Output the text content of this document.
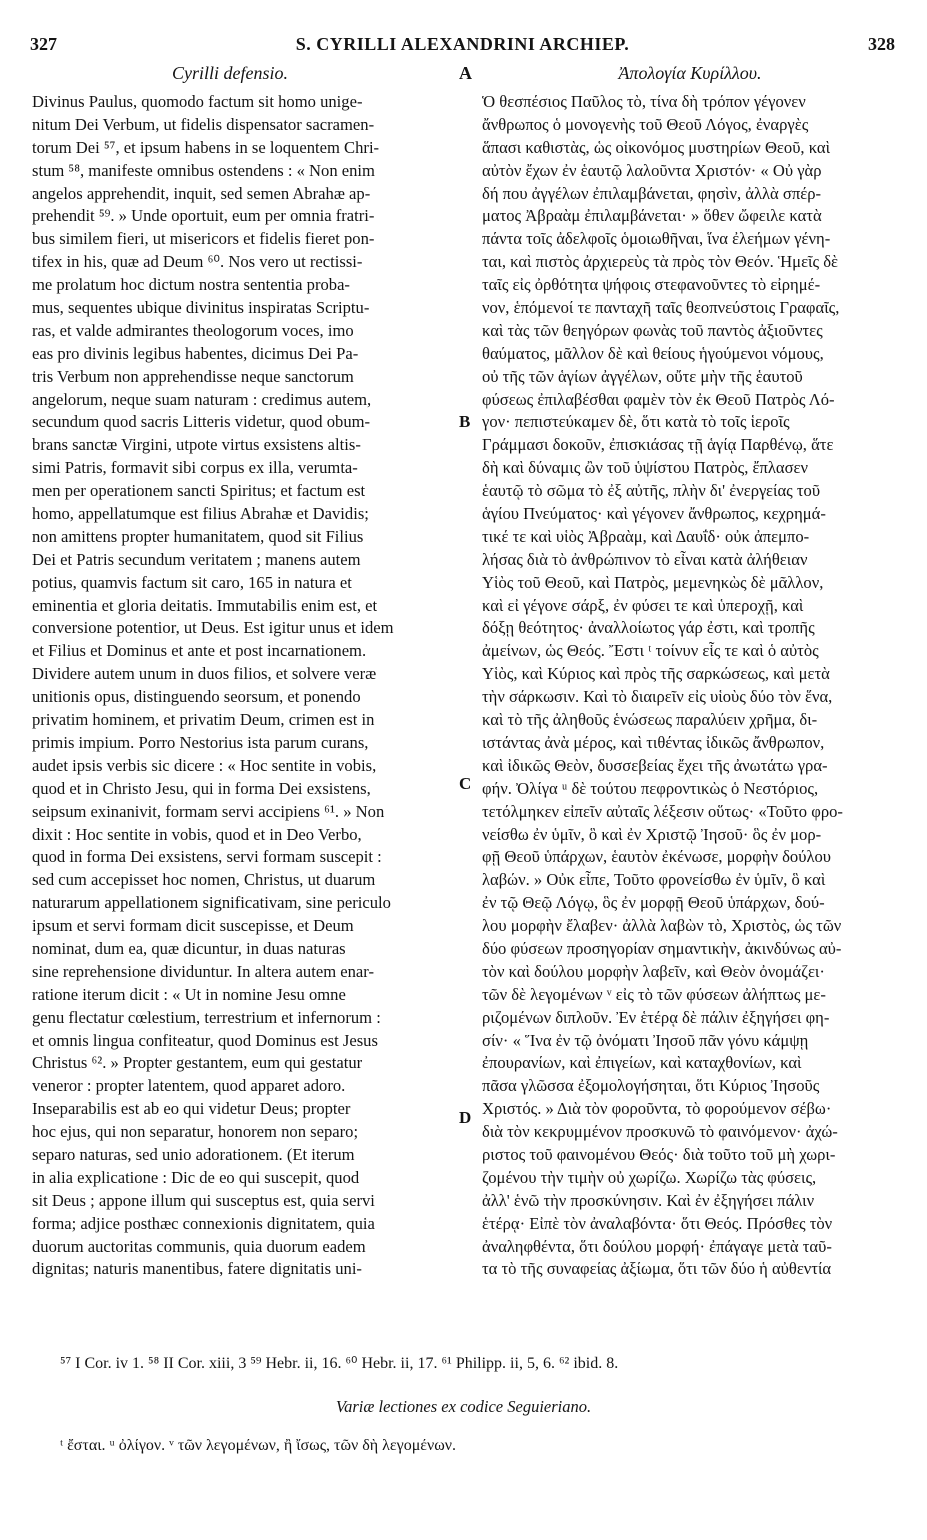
327	S. CYRILLI ALEXANDRINI ARCHIEP.	328
Cyrilli defensio.	A	Ἀπολογία Κυρίλλου.
Divinus Paulus, quomodo factum sit homo unige-
nitum Dei Verbum, ut fidelis dispensator sacramen-
torum Dei ⁵⁷, et ipsum habens in se loquentem Chri-
stum ⁵⁸, manifeste omnibus ostendens : « Non enim
angelos apprehendit, inquit, sed semen Abrahæ ap-
prehendit ⁵⁹. » Unde oportuit, eum per omnia fratri-
bus similem fieri, ut misericors et fidelis fieret pon-
tifex in his, quæ ad Deum ⁶⁰. Nos vero ut rectissi-
me prolatum hoc dictum nostra sententia proba-
mus, sequentes ubique divinitus inspiratas Scriptu-
ras, et valde admirantes theologorum voces, imo
eas pro divinis legibus habentes, dicimus Dei Pa-
tris Verbum non apprehendisse neque sanctorum
angelorum, neque suam naturam : credimus autem,
secundum quod sacris Litteris videtur, quod obum-
brans sanctæ Virgini, utpote virtus exsistens altis-
simi Patris, formavit sibi corpus ex illa, verumta-
men per operationem sancti Spiritus; et factum est
homo, appellatumque est filius Abrahæ et Davidis;
non amittens propter humanitatem, quod sit Filius
Dei et Patris secundum veritatem ; manens autem
potius, quamvis factum sit caro, 165 in natura et
eminentia et gloria deitatis. Immutabilis enim est, et
conversione potentior, ut Deus. Est igitur unus et idem
et Filius et Dominus et ante et post incarnationem.
Dividere autem unum in duos filios, et solvere veræ
unitionis opus, distinguendo seorsum, et ponendo
privatim hominem, et privatim Deum, crimen est in
primis impium. Porro Nestorius ista parum curans,
audet ipsis verbis sic dicere : « Hoc sentite in vobis,
quod et in Christo Jesu, qui in forma Dei exsistens,
seipsum exinanivit, formam servi accipiens ⁶¹. » Non
dixit : Hoc sentite in vobis, quod et in Deo Verbo,
quod in forma Dei exsistens, servi formam suscepit :
sed cum accepisset hoc nomen, Christus, ut duarum
naturarum appellationem significativam, sine periculo
ipsum et servi formam dicit suscepisse, et Deum
nominat, dum ea, quæ dicuntur, in duas naturas
sine reprehensione dividuntur. In altera autem enar-
ratione iterum dicit : « Ut in nomine Jesu omne
genu flectatur cœlestium, terrestrium et infernorum :
et omnis lingua confiteatur, quod Dominus est Jesus
Christus ⁶². » Propter gestantem, eum qui gestatur
veneror : propter latentem, quod apparet adoro.
Inseparabilis est ab eo qui videtur Deus; propter
hoc ejus, qui non separatur, honorem non separo;
separo naturas, sed unio adorationem. (Et iterum
in alia explicatione : Dic de eo qui suscepit, quod
sit Deus ; appone illum qui susceptus est, quia servi
forma; adjice posthæc connexionis dignitatem, quia
duorum auctoritas communis, quia duorum eadem
dignitas; naturis manentibus, fatere dignitatis uni-
Ὁ θεσπέσιος Παῦλος τὸ, τίνα δὴ τρόπον γέγονεν
ἄνθρωπος ὁ μονογενὴς τοῦ Θεοῦ Λόγος, ἐναργὲς
ἅπασι καθιστὰς, ὡς οἰκονόμος μυστηρίων Θεοῦ, καὶ
αὐτὸν ἔχων ἐν ἑαυτῷ λαλοῦντα Χριστόν· « Οὐ γὰρ
δή που ἀγγέλων ἐπιλαμβάνεται, φησὶν, ἀλλὰ σπέρ-
ματος Ἀβραὰμ ἐπιλαμβάνεται· » ὅθεν ὤφειλε κατὰ
πάντα τοῖς ἀδελφοῖς ὁμοιωθῆναι, ἵνα ἐλεήμων γένη-
ται, καὶ πιστὸς ἀρχιερεὺς τὰ πρὸς τὸν Θεόν. Ἡμεῖς δὲ
ταῖς εἰς ὀρθότητα ψήφοις στεφανοῦντες τὸ εἰρημέ-
νον, ἑπόμενοί τε πανταχῆ ταῖς θεοπνεύστοις Γραφαῖς,
καὶ τὰς τῶν θεηγόρων φωνὰς τοῦ παντὸς ἀξιοῦντες
θαύματος, μᾶλλον δὲ καὶ θείους ἡγούμενοι νόμους,
οὐ τῆς τῶν ἁγίων ἀγγέλων, οὔτε μὴν τῆς ἑαυτοῦ
φύσεως ἐπιλαβέσθαι φαμὲν τὸν ἐκ Θεοῦ Πατρὸς Λό-
γον· πεπιστεύκαμεν δὲ, ὅτι κατὰ τὸ τοῖς ἱεροῖς
Γράμμασι δοκοῦν, ἐπισκιάσας τῇ ἁγίᾳ Παρθένῳ, ἅτε
δὴ καὶ δύναμις ὢν τοῦ ὑψίστου Πατρὸς, ἔπλασεν
ἑαυτῷ τὸ σῶμα τὸ ἐξ αὐτῆς, πλὴν δι' ἐνεργείας τοῦ
ἁγίου Πνεύματος· καὶ γέγονεν ἄνθρωπος, κεχρημά-
τικέ τε καὶ υἱὸς Ἀβραὰμ, καὶ Δαυΐδ· οὐκ ἀπεμπο-
λήσας διὰ τὸ ἀνθρώπινον τὸ εἶναι κατὰ ἀλήθειαν
Υἱὸς τοῦ Θεοῦ, καὶ Πατρὸς, μεμενηκὼς δὲ μᾶλλον,
καὶ εἰ γέγονε σάρξ, ἐν φύσει τε καὶ ὑπεροχῇ, καὶ
δόξῃ θεότητος· ἀναλλοίωτος γάρ ἐστι, καὶ τροπῆς
ἀμείνων, ὡς Θεός. Ἔστι ᵗ τοίνυν εἷς τε καὶ ὁ αὐτὸς
Υἱὸς, καὶ Κύριος καὶ πρὸς τῆς σαρκώσεως, καὶ μετὰ
τὴν σάρκωσιν. Καὶ τὸ διαιρεῖν εἰς υἱοὺς δύο τὸν ἕνα,
καὶ τὸ τῆς ἀληθοῦς ἑνώσεως παραλύειν χρῆμα, δι-
ιστάντας ἀνὰ μέρος, καὶ τιθέντας ἰδικῶς ἄνθρωπον,
καὶ ἰδικῶς Θεὸν, δυσσεβείας ἔχει τῆς ἀνωτάτω γρα-
φήν. Ὀλίγα ᵘ δὲ τούτου πεφροντικὼς ὁ Νεστόριος,
τετόλμηκεν εἰπεῖν αὐταῖς λέξεσιν οὕτως· «Τοῦτο φρο-
νείσθω ἐν ὑμῖν, ὃ καὶ ἐν Χριστῷ Ἰησοῦ· ὃς ἐν μορ-
φῇ Θεοῦ ὑπάρχων, ἑαυτὸν ἐκένωσε, μορφὴν δούλου
λαβών. » Οὐκ εἶπε, Τοῦτο φρονείσθω ἐν ὑμῖν, ὃ καὶ
ἐν τῷ Θεῷ Λόγῳ, ὃς ἐν μορφῇ Θεοῦ ὑπάρχων, δού-
λου μορφὴν ἔλαβεν· ἀλλὰ λαβὼν τὸ, Χριστὸς, ὡς τῶν
δύο φύσεων προσηγορίαν σημαντικὴν, ἀκινδύνως αὐ-
τὸν καὶ δούλου μορφὴν λαβεῖν, καὶ Θεὸν ὀνομάζει·
τῶν δὲ λεγομένων ᵛ εἰς τὸ τῶν φύσεων ἀλήπτως με-
ριζομένων διπλοῦν. Ἐν ἑτέρᾳ δὲ πάλιν ἐξηγήσει φη-
σίν· « Ἵνα ἐν τῷ ὀνόματι Ἰησοῦ πᾶν γόνυ κάμψῃ
ἐπουρανίων, καὶ ἐπιγείων, καὶ καταχθονίων, καὶ
πᾶσα γλῶσσα ἐξομολογήσηται, ὅτι Κύριος Ἰησοῦς
Χριστός. » Διὰ τὸν φοροῦντα, τὸ φορούμενον σέβω·
διὰ τὸν κεκρυμμένον προσκυνῶ τὸ φαινόμενον· ἀχώ-
ριστος τοῦ φαινομένου Θεός· διὰ τοῦτο τοῦ μὴ χωρι-
ζομένου τὴν τιμὴν οὐ χωρίζω. Χωρίζω τὰς φύσεις,
ἀλλ' ἑνῶ τὴν προσκύνησιν. Καὶ ἐν ἐξηγήσει πάλιν
ἑτέρᾳ· Εἰπὲ τὸν ἀναλαβόντα· ὅτι Θεός. Πρόσθες τὸν
ἀναληφθέντα, ὅτι δούλου μορφή· ἐπάγαγε μετὰ ταῦ-
τα τὸ τῆς συναφείας ἀξίωμα, ὅτι τῶν δύο ἡ αὐθεντία
B
C
D
⁵⁷ I Cor. iv 1. ⁵⁸ II Cor. xiii, 3 ⁵⁹ Hebr. ii, 16. ⁶⁰ Hebr. ii, 17. ⁶¹ Philipp. ii, 5, 6. ⁶² ibid. 8.
Variæ lectiones ex codice Seguieriano.
ᵗ ἔσται. ᵘ ὀλίγον. ᵛ τῶν λεγομένων, ἢ ἴσως, τῶν δὴ λεγομένων.
